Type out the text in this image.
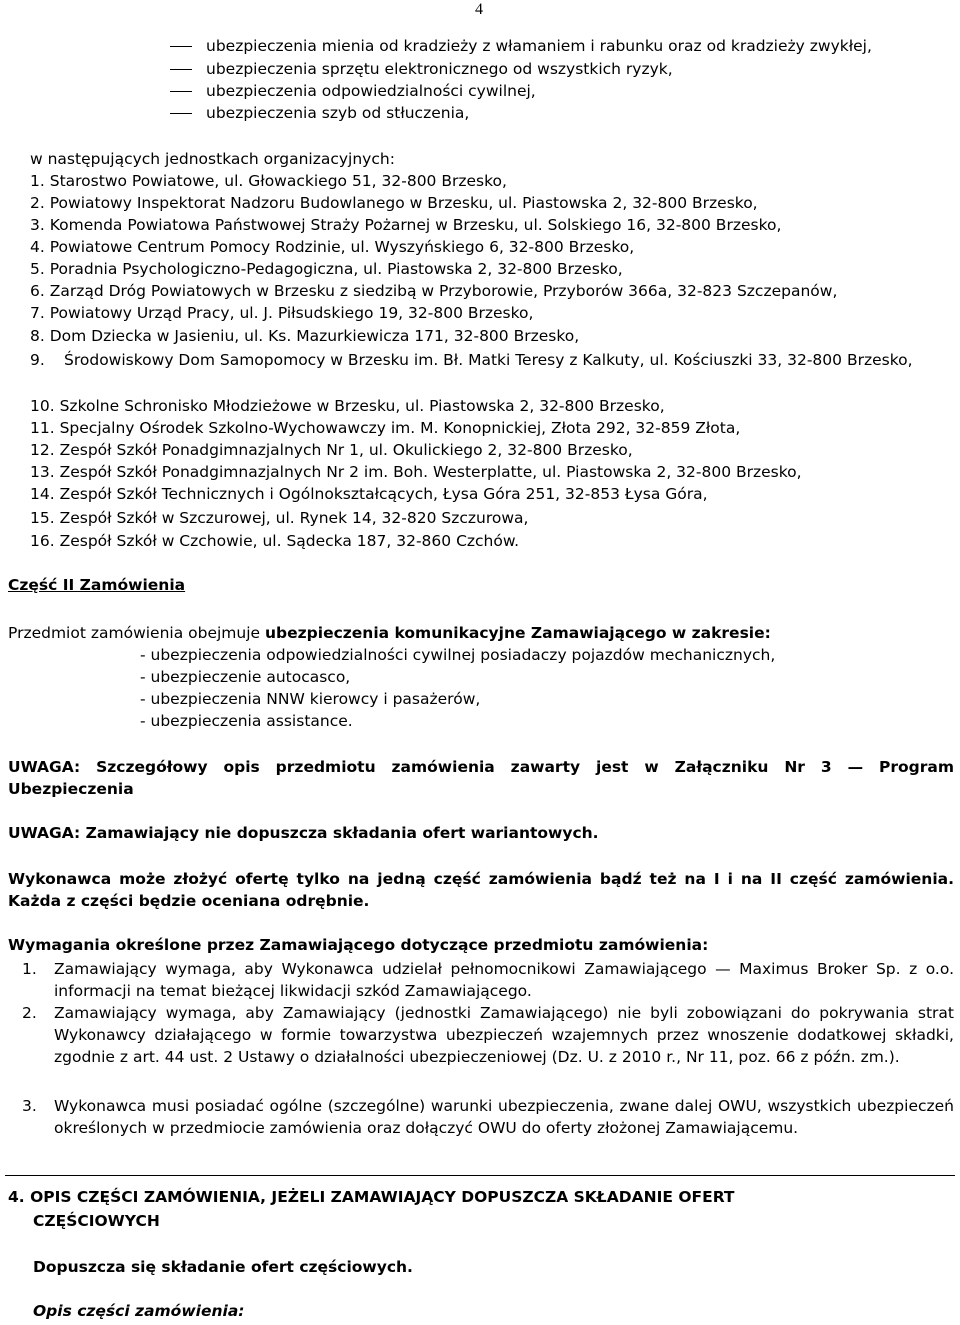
4
ubezpieczenia mienia od kradzieży z włamaniem i rabunku oraz od kradzieży zwykłej,
ubezpieczenia sprzętu elektronicznego od wszystkich ryzyk,
ubezpieczenia odpowiedzialności cywilnej,
ubezpieczenia szyb od stłuczenia,
w następujących jednostkach organizacyjnych:
1. Starostwo Powiatowe, ul. Głowackiego 51, 32-800 Brzesko,
2. Powiatowy Inspektorat Nadzoru Budowlanego w Brzesku, ul. Piastowska 2, 32-800 Brzesko,
3. Komenda Powiatowa Państwowej Straży Pożarnej w Brzesku, ul. Solskiego 16, 32-800 Brzesko,
4. Powiatowe Centrum Pomocy Rodzinie, ul. Wyszyńskiego 6, 32-800 Brzesko,
5. Poradnia Psychologiczno-Pedagogiczna, ul. Piastowska 2, 32-800 Brzesko,
6. Zarząd Dróg Powiatowych w Brzesku z siedzibą w Przyborowie, Przyborów 366a, 32-823 Szczepanów,
7. Powiatowy Urząd Pracy, ul. J. Piłsudskiego 19, 32-800 Brzesko,
8. Dom Dziecka w Jasieniu, ul. Ks. Mazurkiewicza 171, 32-800 Brzesko,
9. Środowiskowy Dom Samopomocy w Brzesku im. Bł. Matki Teresy z Kalkuty, ul. Kościuszki 33, 32-800 Brzesko,
10. Szkolne Schronisko Młodzieżowe w Brzesku, ul. Piastowska 2, 32-800 Brzesko,
11. Specjalny Ośrodek Szkolno-Wychowawczy im. M. Konopnickiej, Złota 292, 32-859 Złota,
12. Zespół Szkół Ponadgimnazjalnych Nr 1, ul. Okulickiego 2, 32-800 Brzesko,
13. Zespół Szkół Ponadgimnazjalnych Nr 2 im. Boh. Westerplatte, ul. Piastowska 2, 32-800 Brzesko,
14. Zespół Szkół Technicznych i Ogólnokształcących, Łysa Góra 251, 32-853 Łysa Góra,
15. Zespół Szkół w Szczurowej, ul. Rynek 14, 32-820 Szczurowa,
16. Zespół Szkół w Czchowie, ul. Sądecka 187, 32-860 Czchów.
Część II Zamówienia
Przedmiot zamówienia obejmuje ubezpieczenia komunikacyjne Zamawiającego w zakresie:
- ubezpieczenia odpowiedzialności cywilnej posiadaczy pojazdów mechanicznych,
- ubezpieczenie autocasco,
- ubezpieczenia NNW kierowcy i pasażerów,
- ubezpieczenia assistance.
UWAGA: Szczegółowy opis przedmiotu zamówienia zawarty jest w Załączniku Nr 3 — Program Ubezpieczenia
UWAGA: Zamawiający nie dopuszcza składania ofert wariantowych.
Wykonawca może złożyć ofertę tylko na jedną część zamówienia bądź też na I i na II część zamówienia. Każda z części będzie oceniana odrębnie.
Wymagania określone przez Zamawiającego dotyczące przedmiotu zamówienia:
1.	Zamawiający wymaga, aby Wykonawca udzielał pełnomocnikowi Zamawiającego — Maximus Broker Sp. z o.o. informacji na temat bieżącej likwidacji szkód Zamawiającego.
2.	Zamawiający wymaga, aby Zamawiający (jednostki Zamawiającego) nie byli zobowiązani do pokrywania strat Wykonawcy działającego w formie towarzystwa ubezpieczeń wzajemnych przez wnoszenie dodatkowej składki, zgodnie z art. 44 ust. 2 Ustawy o działalności ubezpieczeniowej (Dz. U. z 2010 r., Nr 11, poz. 66 z późn. zm.).
3.	Wykonawca musi posiadać ogólne (szczególne) warunki ubezpieczenia, zwane dalej OWU, wszystkich ubezpieczeń określonych w przedmiocie zamówienia oraz dołączyć OWU do oferty złożonej Zamawiającemu.
4. OPIS CZĘŚCI ZAMÓWIENIA, JEŻELI ZAMAWIAJĄCY DOPUSZCZA SKŁADANIE OFERT
CZĘŚCIOWYCH
Dopuszcza się składanie ofert częściowych.
Opis części zamówienia:
